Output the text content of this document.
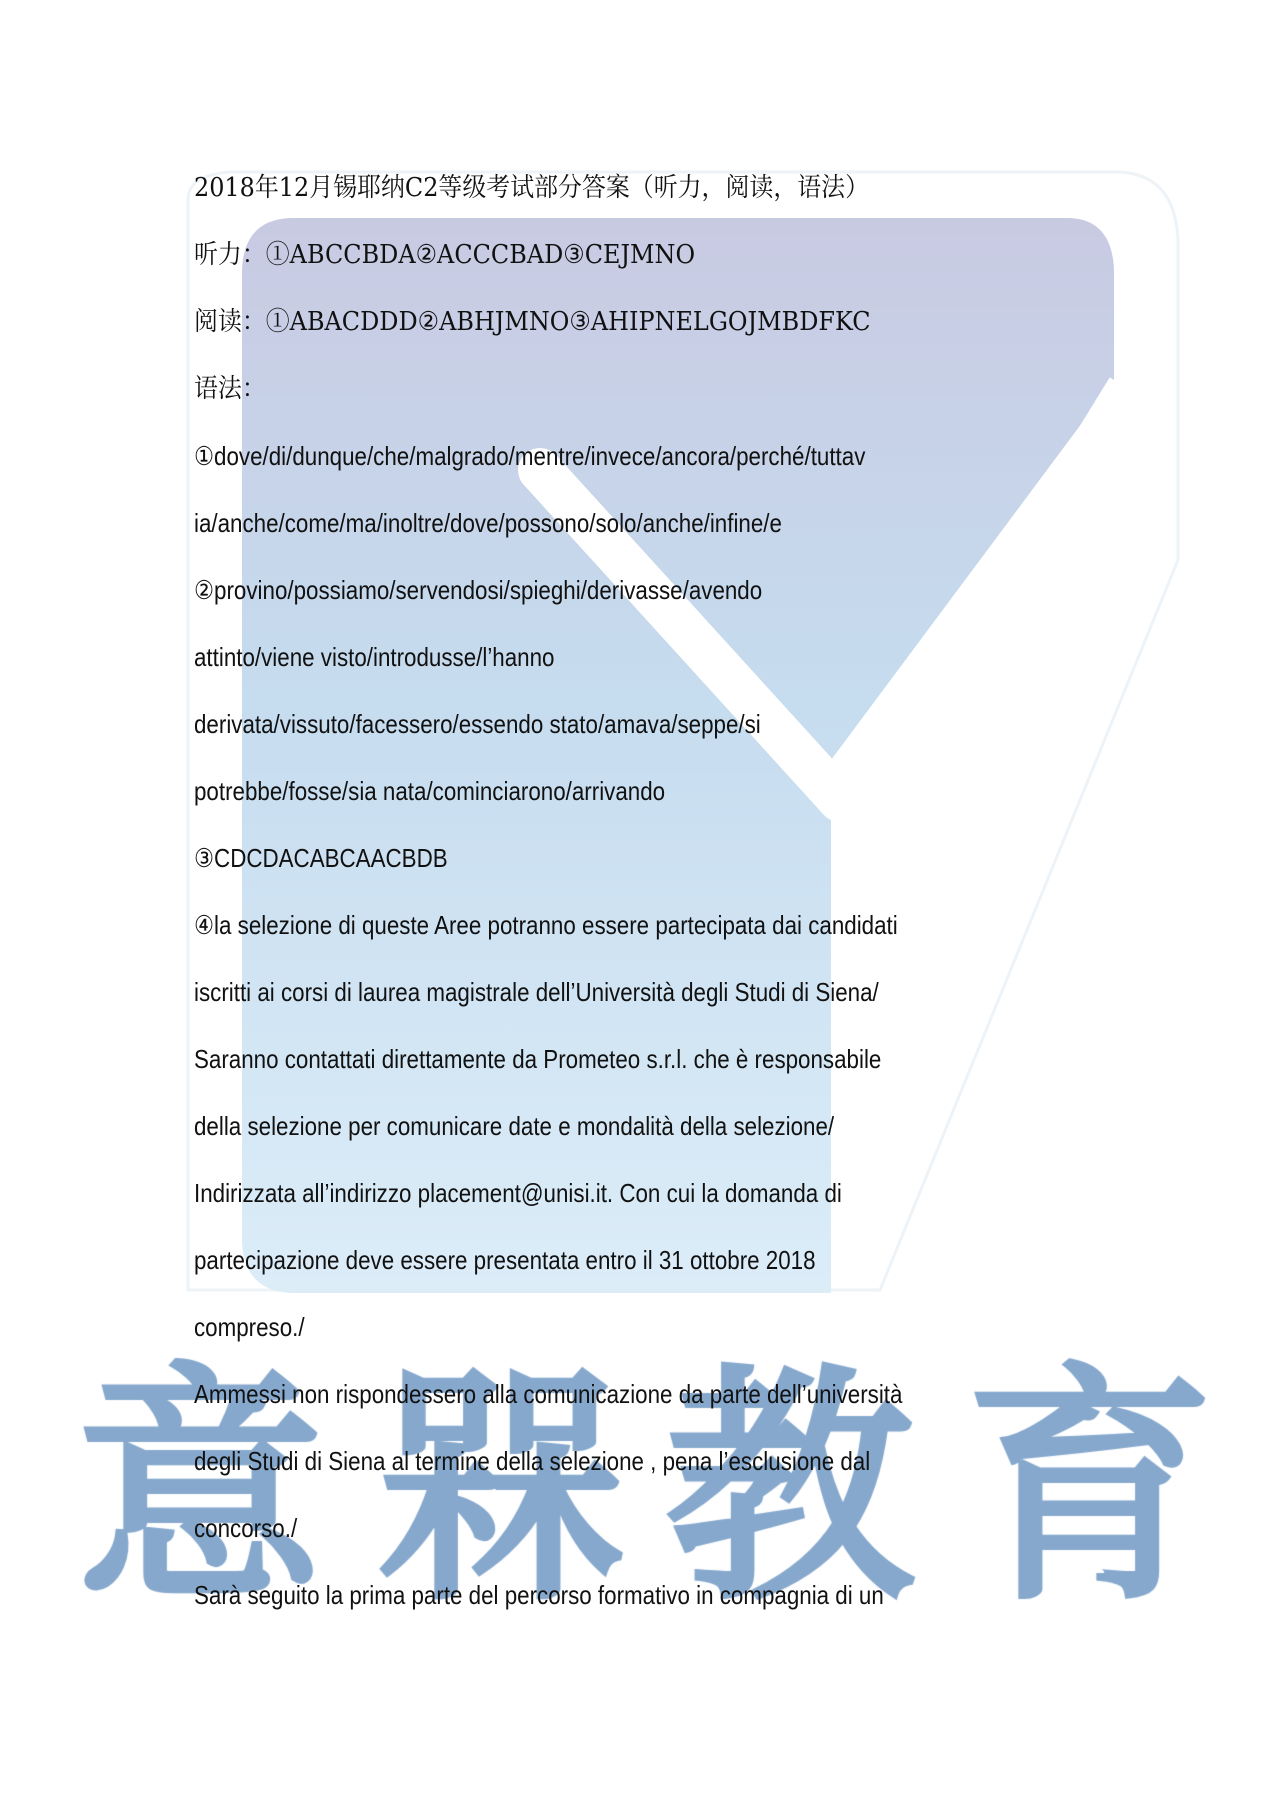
2018年12月锡耶纳C2等级考试部分答案（听力，阅读，语法）
听力：①ABCCBDA②ACCCBAD③CEJMNO
阅读：①ABACDDD②ABHJMNO③AHIPNELGOJMBDFKC
语法：
①dove/di/dunque/che/malgrado/mentre/invece/ancora/perché/tuttav
ia/anche/come/ma/inoltre/dove/possono/solo/anche/infine/e
②provino/possiamo/servendosi/spieghi/derivasse/avendo
attinto/viene visto/introdusse/l’hanno
derivata/vissuto/facessero/essendo stato/amava/seppe/si
potrebbe/fosse/sia nata/cominciarono/arrivando
③CDCDACABCAACBDB
④la selezione di queste Aree potranno essere partecipata dai candidati
iscritti ai corsi di laurea magistrale dell’Università degli Studi di Siena/
Saranno contattati direttamente da Prometeo s.r.l. che è responsabile
della selezione per comunicare date e mondalità della selezione/
Indirizzata all’indirizzo placement@unisi.it. Con cui la domanda di
partecipazione deve essere presentata entro il 31 ottobre 2018
compreso./
Ammessi non rispondessero alla comunicazione da parte dell’università
degli Studi di Siena al termine della selezione , pena l’esclusione dal
concorso./
Sarà seguito la prima parte del percorso formativo in compagnia di un
